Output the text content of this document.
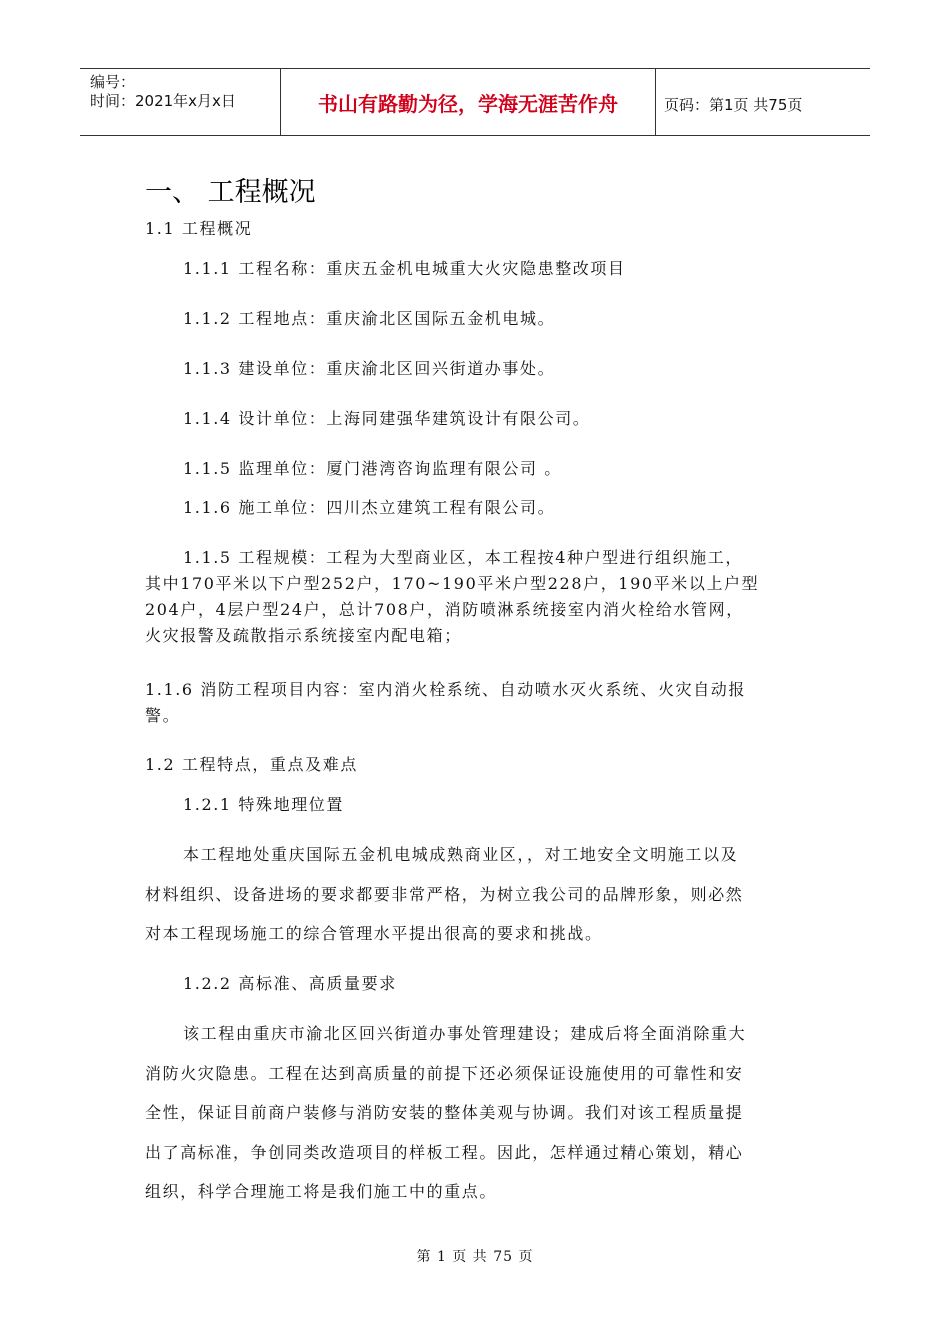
编号：
时间：2021年x月x日	书山有路勤为径，学海无涯苦作舟	页码：第1页 共75页
一、 工程概况
1.1 工程概况
1.1.1 工程名称：重庆五金机电城重大火灾隐患整改项目
1.1.2 工程地点：重庆渝北区国际五金机电城。
1.1.3 建设单位：重庆渝北区回兴街道办事处。
1.1.4 设计单位：上海同建强华建筑设计有限公司。
1.1.5 监理单位：厦门港湾咨询监理有限公司 。
1.1.6 施工单位：四川杰立建筑工程有限公司。
1.1.5 工程规模：工程为大型商业区，本工程按4种户型进行组织施工，
其中170平米以下户型252户，170~190平米户型228户，190平米以上户型
204户，4层户型24户，总计708户，消防喷淋系统接室内消火栓给水管网，
火灾报警及疏散指示系统接室内配电箱；
1.1.6 消防工程项目内容：室内消火栓系统、自动喷水灭火系统、火灾自动报
警。
1.2 工程特点，重点及难点
1.2.1 特殊地理位置
本工程地处重庆国际五金机电城成熟商业区，，对工地安全文明施工以及
材料组织、设备进场的要求都要非常严格，为树立我公司的品牌形象，则必然
对本工程现场施工的综合管理水平提出很高的要求和挑战。
1.2.2 高标准、高质量要求
该工程由重庆市渝北区回兴街道办事处管理建设；建成后将全面消除重大
消防火灾隐患。工程在达到高质量的前提下还必须保证设施使用的可靠性和安
全性，保证目前商户装修与消防安装的整体美观与协调。我们对该工程质量提
出了高标准，争创同类改造项目的样板工程。因此，怎样通过精心策划，精心
组织，科学合理施工将是我们施工中的重点。
第 1 页 共 75 页
